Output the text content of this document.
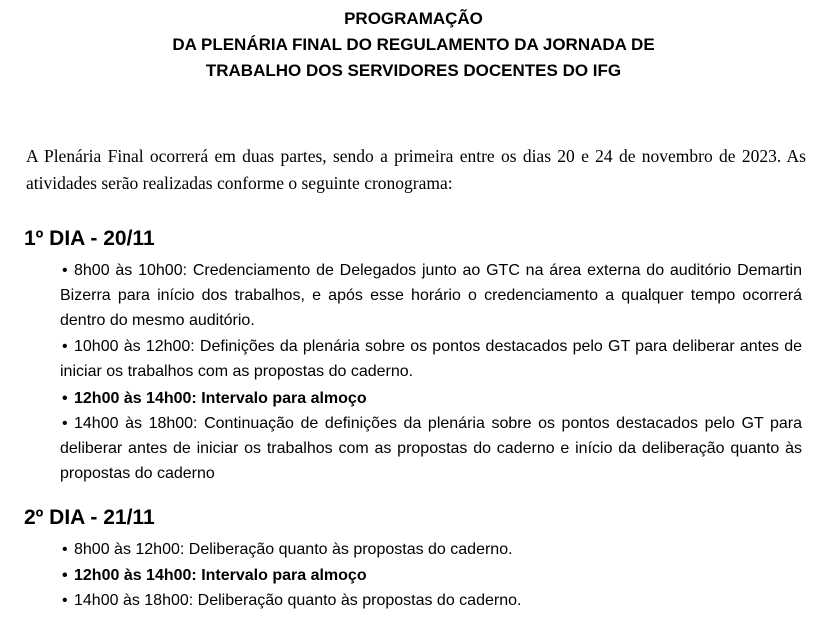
PROGRAMAÇÃO
DA PLENÁRIA FINAL DO REGULAMENTO DA JORNADA DE
TRABALHO DOS SERVIDORES DOCENTES DO IFG

A Plenária Final ocorrerá em duas partes, sendo a primeira entre os dias 20 e 24 de novembro de 2023. As atividades serão realizadas conforme o seguinte cronograma:

1º DIA - 20/11
• 8h00 às 10h00: Credenciamento de Delegados junto ao GTC na área externa do auditório Demartin Bizerra para início dos trabalhos, e após esse horário o credenciamento a qualquer tempo ocorrerá dentro do mesmo auditório.
• 10h00 às 12h00: Definições da plenária sobre os pontos destacados pelo GT para deliberar antes de iniciar os trabalhos com as propostas do caderno.
• 12h00 às 14h00: Intervalo para almoço
• 14h00 às 18h00: Continuação de definições da plenária sobre os pontos destacados pelo GT para deliberar antes de iniciar os trabalhos com as propostas do caderno e início da deliberação quanto às propostas do caderno
2º DIA - 21/11
• 8h00 às 12h00: Deliberação quanto às propostas do caderno.
• 12h00 às 14h00: Intervalo para almoço
• 14h00 às 18h00: Deliberação quanto às propostas do caderno.
